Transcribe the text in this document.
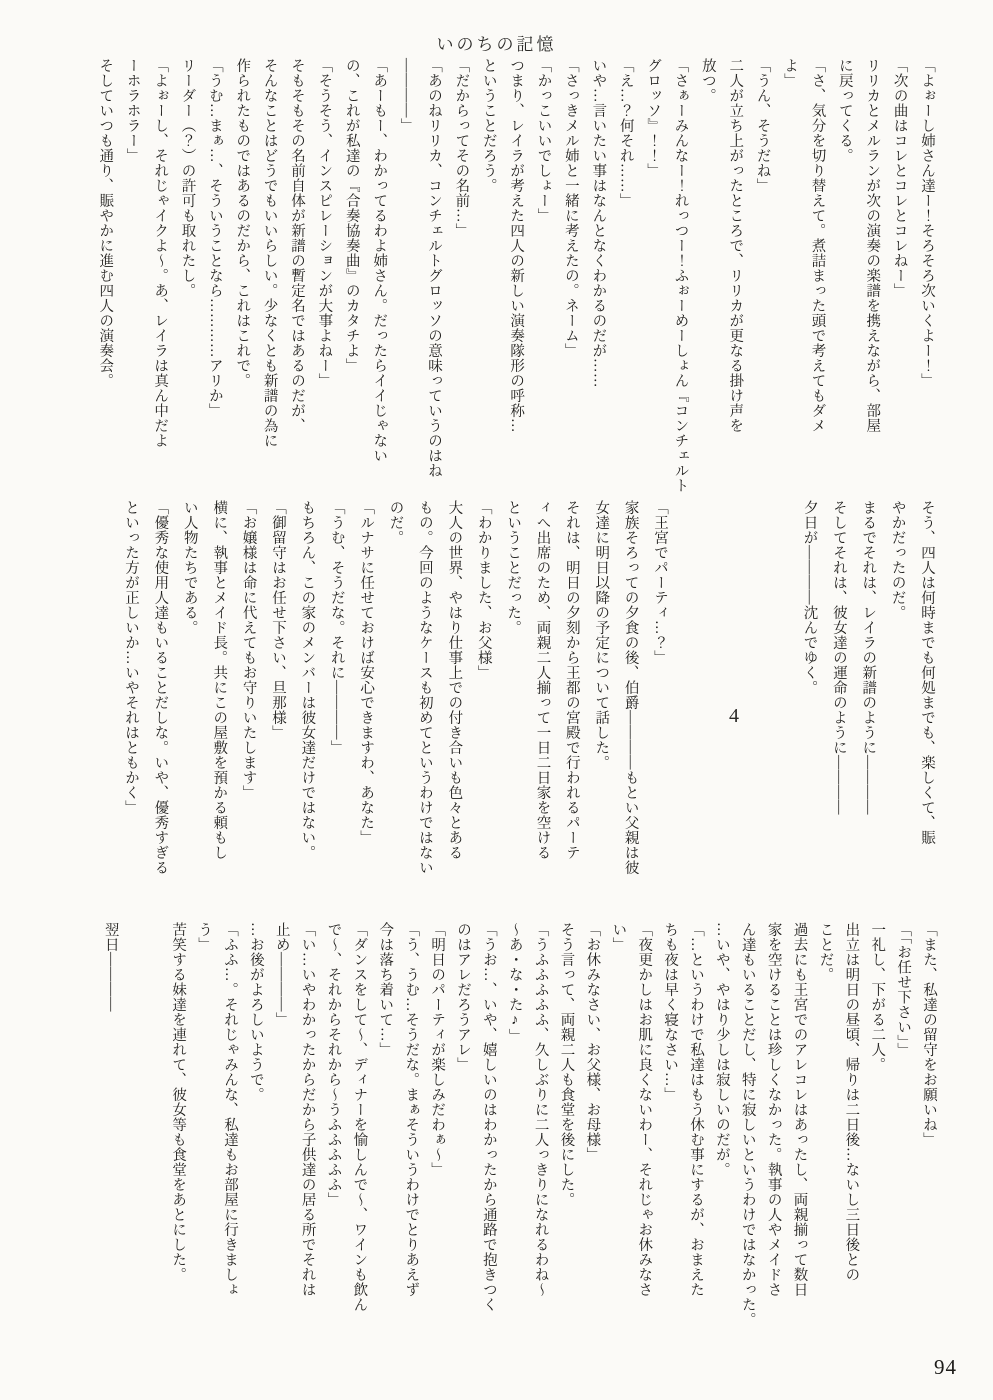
いのちの記憶
「よぉーし姉さん達ー！そろそろ次いくよー！」
「次の曲はコレとコレとコレねー」
リリカとメルランが次の演奏の楽譜を携えながら、部屋
に戻ってくる。
「さ、気分を切り替えて。煮詰まった頭で考えてもダメ
よ」
「うん、そうだね」
二人が立ち上がったところで、リリカが更なる掛け声を
放つ。
「さぁーみんなー！れっつー！ふぉーめーしょん『コンチェルト
グロッソ』！！」
「え…？何それ……」
いや…言いたい事はなんとなくわかるのだが……
「さっきメル姉と一緒に考えたの。ネーム」
「かっこいいでしょー」
つまり、レイラが考えた四人の新しい演奏隊形の呼称…
ということだろう。
「だからってその名前…」
「あのねリリカ、コンチェルトグロッソの意味っていうのはね
――――」
「あーもー、わかってるわよ姉さん。だったらイイじゃない
の、これが私達の『合奏協奏曲』のカタチよ」
「そうそう、インスピレーションが大事よねー」
そもそもその名前自体が新譜の暫定名ではあるのだが、
そんなことはどうでもいいらしい。少なくとも新譜の為に
作られたものではあるのだから、これはこれで。
「うむ…まぁ…、そういうことなら…………アリか」
リーダー（？）の許可も取れたし。
「よぉーし、それじゃイクよ〜。あ、レイラは真ん中だよ
ーホラホラー」
そしていつも通り、賑やかに進む四人の演奏会。
そう、四人は何時までも何処までも、楽しくて、賑
やかだったのだ。
まるでそれは、レイラの新譜のように――――
そしてそれは、彼女達の運命のように――――
夕日が――――沈んでゆく。
4
「王宮でパーティ…？」
家族そろっての夕食の後、伯爵――――もとい父親は彼
女達に明日以降の予定について話した。
それは、明日の夕刻から王都の宮殿で行われるパーテ
ィへ出席のため、両親二人揃って一日二日家を空ける
ということだった。
「わかりました、お父様」
大人の世界、やはり仕事上での付き合いも色々とある
もの。今回のようなケースも初めてというわけではない
のだ。
「ルナサに任せておけば安心できますわ、あなた」
「うむ、そうだな。それに――――」
もちろん、この家のメンバーは彼女達だけではない。
「御留守はお任せ下さい、旦那様」
「お嬢様は命に代えてもお守りいたします」
横に、執事とメイド長。共にこの屋敷を預かる頼もし
い人物たちである。
「優秀な使用人達もいることだしな。いや、優秀すぎる
といった方が正しいか…いやそれはともかく」
「また、私達の留守をお願いね」
「「お任せ下さい」」
一礼し、下がる二人。
出立は明日の昼頃、帰りは二日後…ないし三日後との
ことだ。
過去にも王宮でのアレコレはあったし、両親揃って数日
家を空けることは珍しくなかった。執事の人やメイドさ
ん達もいることだし、特に寂しいというわけではなかった。
…いや、やはり少しは寂しいのだが。
「…というわけで私達はもう休む事にするが、おまえた
ちも夜は早く寝なさい…」
「夜更かしはお肌に良くないわー、それじゃお休みなさ
い」
「お休みなさい、お父様、お母様」
そう言って、両親二人も食堂を後にした。
「うふふふふふ、久しぶりに二人っきりになれるわね〜
〜あ・な・た♪」
「うお…、いや、嬉しいのはわかったから通路で抱きつく
のはアレだろうアレ」
「明日のパーティが楽しみだわぁ〜」
「う、うむ…そうだな。まぁそういうわけでとりあえず
今は落ち着いて…」
「ダンスをして〜、ディナーを愉しんで〜、ワインも飲ん
で〜、それからそれから〜うふふふふふ」
「い…いやわかったからだから子供達の居る所でそれは
止め――――」
…お後がよろしいようで。
「ふふ…。それじゃみんな、私達もお部屋に行きましょ
う」
苦笑する妹達を連れて、彼女等も食堂をあとにした。
翌日――――
94
